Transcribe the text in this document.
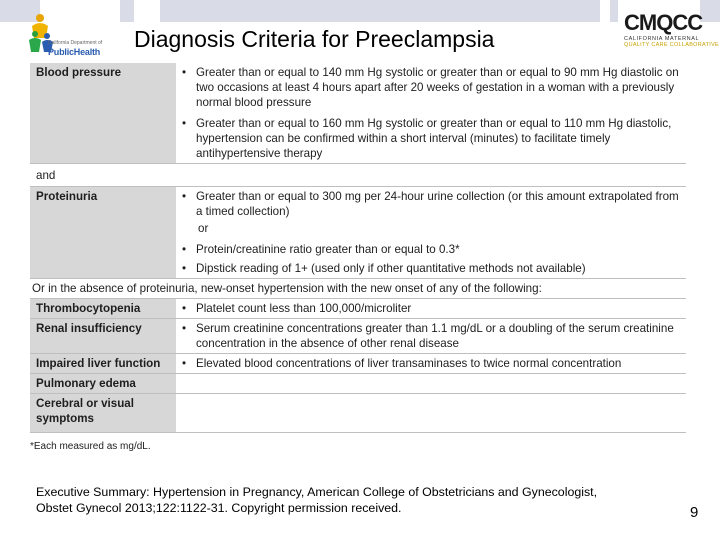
California Department of
PublicHealth Diagnosis Criteria for Preeclampsia
CMQCC
CALIFORNIA MATERNAL
QUALITY CARE COLLABORATIVE
Blood pressure	• Greater than or equal to 140 mm Hg systolic or greater than or equal to 90 mm Hg diastolic on two occasions at least 4 hours apart after 20 weeks of gestation in a woman with a previously normal blood pressure
• Greater than or equal to 160 mm Hg systolic or greater than or equal to 110 mm Hg diastolic, hypertension can be confirmed within a short interval (minutes) to facilitate timely antihypertensive therapy
and
Proteinuria	• Greater than or equal to 300 mg per 24-hour urine collection (or this amount extrapolated from a timed collection)
or
• Protein/creatinine ratio greater than or equal to 0.3*
• Dipstick reading of 1+ (used only if other quantitative methods not available)
Or in the absence of proteinuria, new-onset hypertension with the new onset of any of the following:
Thrombocytopenia	• Platelet count less than 100,000/microliter
Renal insufficiency	• Serum creatinine concentrations greater than 1.1 mg/dL or a doubling of the serum creatinine concentration in the absence of other renal disease
Impaired liver function	• Elevated blood concentrations of liver transaminases to twice normal concentration
Pulmonary edema
Cerebral or visual symptoms
*Each measured as mg/dL.
Executive Summary: Hypertension in Pregnancy, American College of Obstetricians and Gynecologist, Obstet Gynecol 2013;122:1122-31. Copyright permission received.	9
